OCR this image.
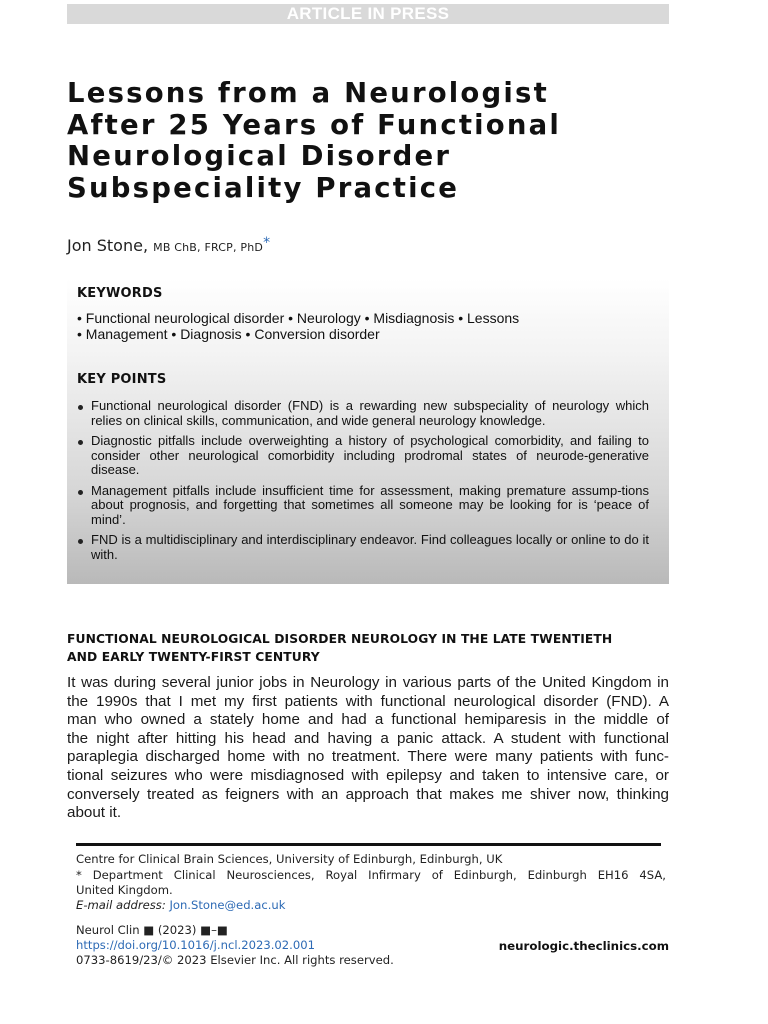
ARTICLE IN PRESS
Lessons from a Neurologist
After 25 Years of Functional
Neurological Disorder
Subspeciality Practice
Jon Stone, MB ChB, FRCP, PhD*
KEYWORDS
• Functional neurological disorder • Neurology • Misdiagnosis • Lessons
• Management • Diagnosis • Conversion disorder
KEY POINTS
Functional neurological disorder (FND) is a rewarding new subspeciality of neurology which relies on clinical skills, communication, and wide general neurology knowledge.
Diagnostic pitfalls include overweighting a history of psychological comorbidity, and failing to consider other neurological comorbidity including prodromal states of neurode-generative disease.
Management pitfalls include insufficient time for assessment, making premature assump-tions about prognosis, and forgetting that sometimes all someone may be looking for is ‘peace of mind’.
FND is a multidisciplinary and interdisciplinary endeavor. Find colleagues locally or online to do it with.
FUNCTIONAL NEUROLOGICAL DISORDER NEUROLOGY IN THE LATE TWENTIETH
AND EARLY TWENTY-FIRST CENTURY
It was during several junior jobs in Neurology in various parts of the United Kingdom in
the 1990s that I met my first patients with functional neurological disorder (FND). A
man who owned a stately home and had a functional hemiparesis in the middle of
the night after hitting his head and having a panic attack. A student with functional
paraplegia discharged home with no treatment. There were many patients with func-
tional seizures who were misdiagnosed with epilepsy and taken to intensive care, or
conversely treated as feigners with an approach that makes me shiver now, thinking
about it.
Centre for Clinical Brain Sciences, University of Edinburgh, Edinburgh, UK
* Department Clinical Neurosciences, Royal Infirmary of Edinburgh, Edinburgh EH16 4SA,
United Kingdom.
E-mail address: Jon.Stone@ed.ac.uk
Neurol Clin ■ (2023) ■–■
https://doi.org/10.1016/j.ncl.2023.02.001
0733-8619/23/© 2023 Elsevier Inc. All rights reserved.
neurologic.theclinics.com
